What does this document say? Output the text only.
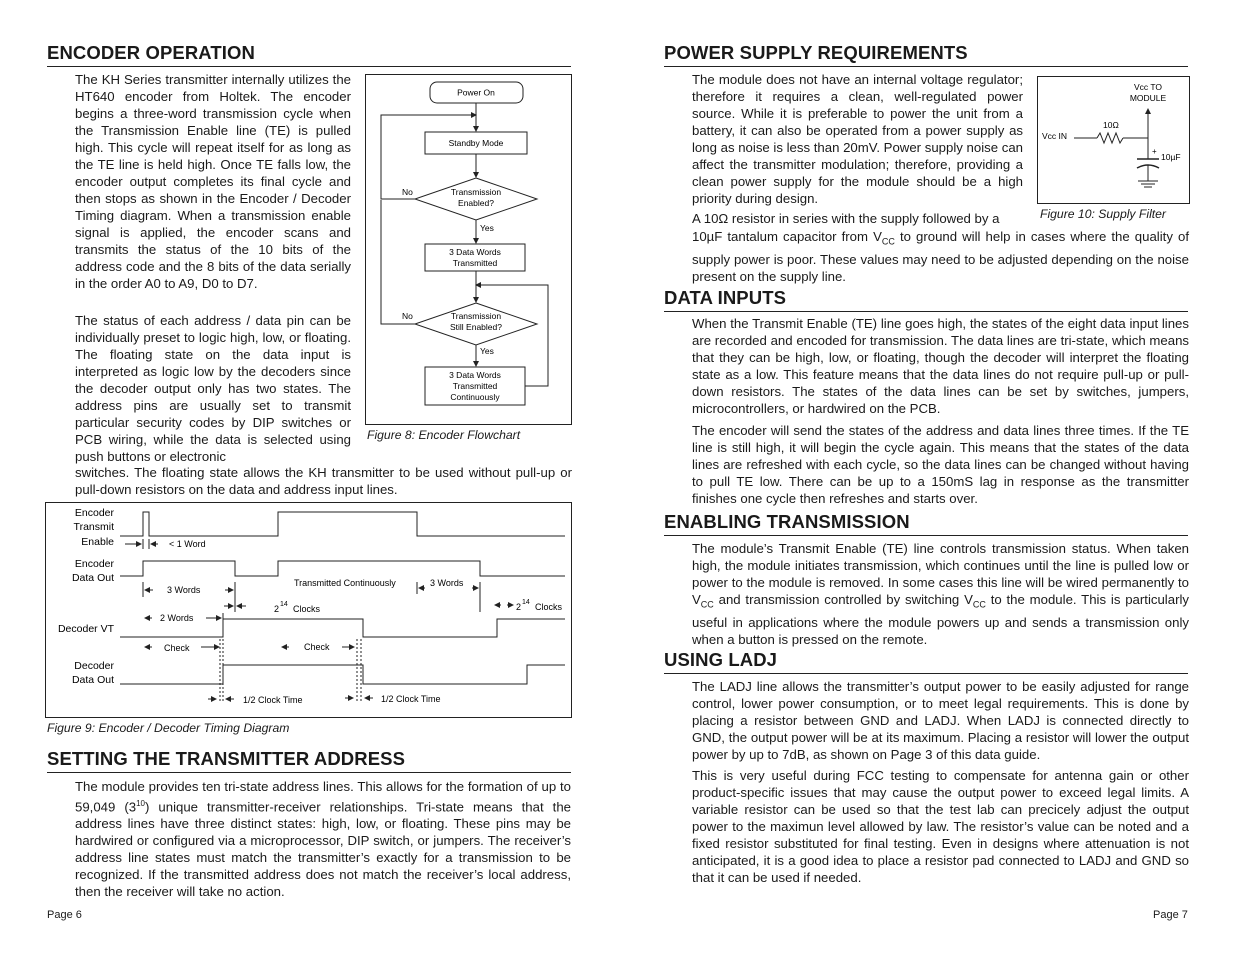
ENCODER OPERATION

The KH Series transmitter internally utilizes the HT640 encoder from Holtek. The encoder begins a three-word transmission cycle when the Transmission Enable line (TE) is pulled high. This cycle will repeat itself for as long as the TE line is held high. Once TE falls low, the encoder output completes its final cycle and then stops as shown in the Encoder / Decoder Timing diagram. When a transmission enable signal is applied, the encoder scans and transmits the status of the 10 bits of the address code and the 8 bits of the data serially in the order A0 to A9, D0 to D7.

The status of each address / data pin can be individually preset to logic high, low, or floating. The floating state on the data input is interpreted as logic low by the decoders since the decoder output only has two states. The address pins are usually set to transmit particular security codes by DIP switches or PCB wiring, while the data is selected using push buttons or electronic

switches. The floating state allows the KH transmitter to be used without pull-up or pull-down resistors on the data and address input lines.

Power On
Standby Mode
Transmission
Enabled?
No
Yes
3 Data Words
Transmitted
Transmission
Still Enabled?
No
Yes
3 Data Words
Transmitted
Continuously
Figure 8: Encoder Flowchart
Encoder
Transmit
Enable
Encoder
Data Out
Decoder VT
Decoder
Data Out
< 1 Word
3 Words
Transmitted Continuously	3 Words
2 14 Clocks	2 14 Clocks
2 Words
Check	Check
1/2 Clock Time	1/2 Clock Time
Figure 9: Encoder / Decoder Timing Diagram
SETTING THE TRANSMITTER ADDRESS

The module provides ten tri-state address lines. This allows for the formation of up to 59,049 $(3^{10})$ unique transmitter-receiver relationships. Tri-state means that the address lines have three distinct states: high, low, or floating. These pins may be hardwired or configured via a microprocessor, DIP switch, or jumpers. The receiver’s address line states must match the transmitter’s exactly for a transmission to be recognized. If the transmitted address does not match the receiver’s local address, then the receiver will take no action.

Page 6
POWER SUPPLY REQUIREMENTS

The module does not have an internal voltage regulator; therefore it requires a clean, well-regulated power source. While it is preferable to power the unit from a battery, it can also be operated from a power supply as long as noise is less than 20mV. Power supply noise can affect the transmitter modulation; therefore, providing a clean power supply for the module should be a high priority during design.

A 10Ω resistor in series with the supply followed by a

10µF tantalum capacitor from $V_{CC}$ to ground will help in cases where the quality of supply power is poor. These values may need to be adjusted depending on the noise present on the supply line.

Vcc TO
MODULE
Vcc IN
10Ω
+
10µF
Figure 10: Supply Filter
DATA INPUTS

When the Transmit Enable (TE) line goes high, the states of the eight data input lines are recorded and encoded for transmission. The data lines are tri-state, which means that they can be high, low, or floating, though the decoder will interpret the floating state as a low. This feature means that the data lines do not require pull-up or pull-down resistors. The states of the data lines can be set by switches, jumpers, microcontrollers, or hardwired on the PCB.

The encoder will send the states of the address and data lines three times. If the TE line is still high, it will begin the cycle again. This means that the states of the data lines are refreshed with each cycle, so the data lines can be changed without having to pull TE low. There can be up to a 150mS lag in response as the transmitter finishes one cycle then refreshes and starts over.

ENABLING TRANSMISSION

The module’s Transmit Enable (TE) line controls transmission status. When taken high, the module initiates transmission, which continues until the line is pulled low or power to the module is removed. In some cases this line will be wired permanently to $V_{CC}$ and transmission controlled by switching $V_{CC}$ to the module. This is particularly useful in applications where the module powers up and sends a transmission only when a button is pressed on the remote.

USING LADJ

The LADJ line allows the transmitter’s output power to be easily adjusted for range control, lower power consumption, or to meet legal requirements. This is done by placing a resistor between GND and LADJ. When LADJ is connected directly to GND, the output power will be at its maximum. Placing a resistor will lower the output power by up to 7dB, as shown on Page 3 of this data guide.

This is very useful during FCC testing to compensate for antenna gain or other product-specific issues that may cause the output power to exceed legal limits. A variable resistor can be used so that the test lab can precicely adjust the output power to the maximun level allowed by law. The resistor’s value can be noted and a fixed resistor substituted for final testing. Even in designs where attenuation is not anticipated, it is a good idea to place a resistor pad connected to LADJ and GND so that it can be used if needed.

Page 7
